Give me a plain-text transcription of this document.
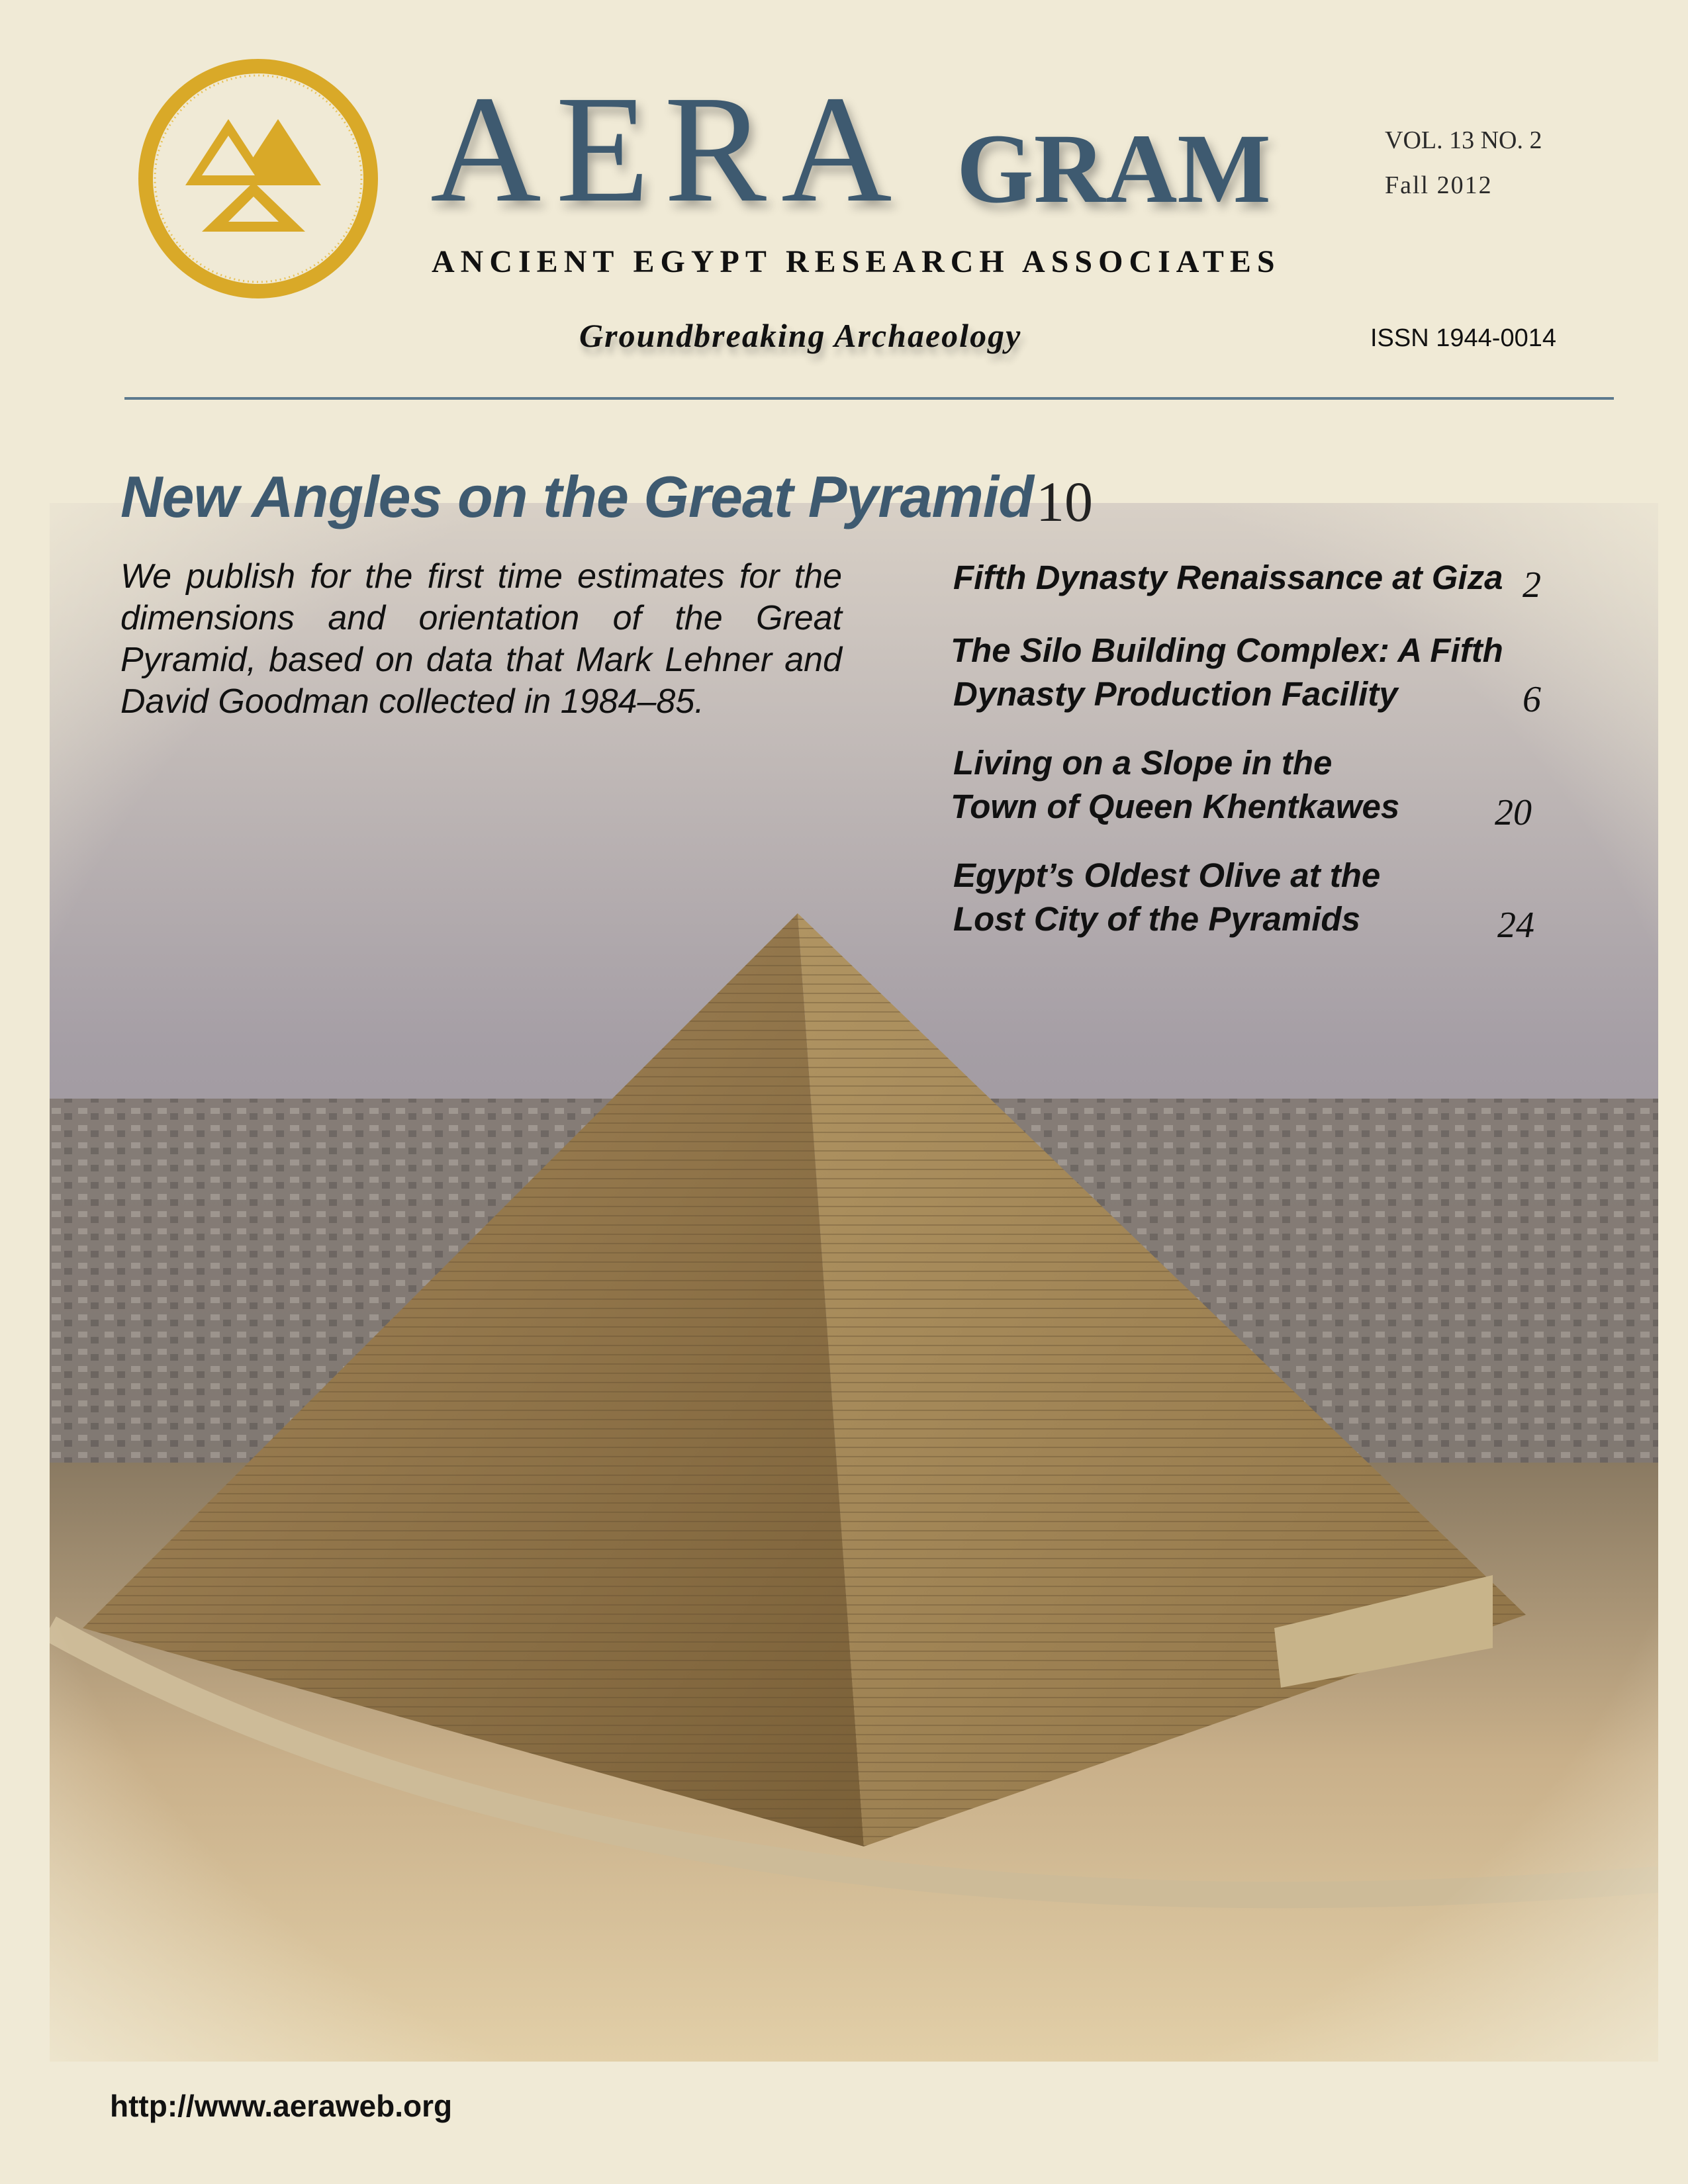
AERA GRAM	VOL. 13 NO. 2
Fall 2012
ANCIENT EGYPT RESEARCH ASSOCIATES
Groundbreaking Archaeology	ISSN 1944-0014
New Angles on the Great Pyramid 10
We publish for the first time estimates for the dimensions and orientation of the Great Pyramid, based on data that Mark Lehner and David Goodman collected in 1984–85.
Fifth Dynasty Renaissance at Giza 2
The Silo Building Complex: A Fifth
Dynasty Production Facility	6
Living on a Slope in the
Town of Queen Khentkawes	20
Egypt’s Oldest Olive at the
Lost City of the Pyramids	24
http://www.aeraweb.org
